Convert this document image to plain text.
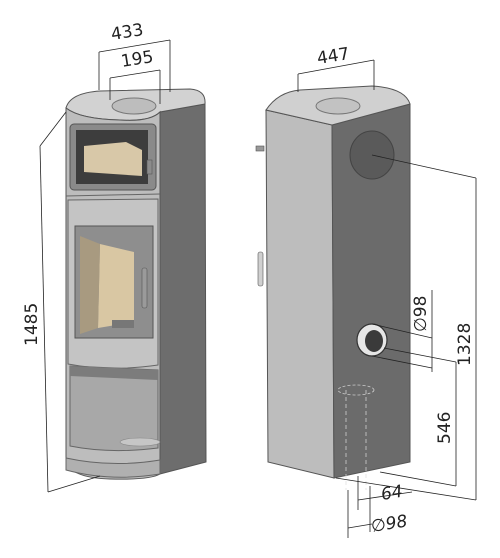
433
195
1485
447
1328
∅98
546
64
∅98
